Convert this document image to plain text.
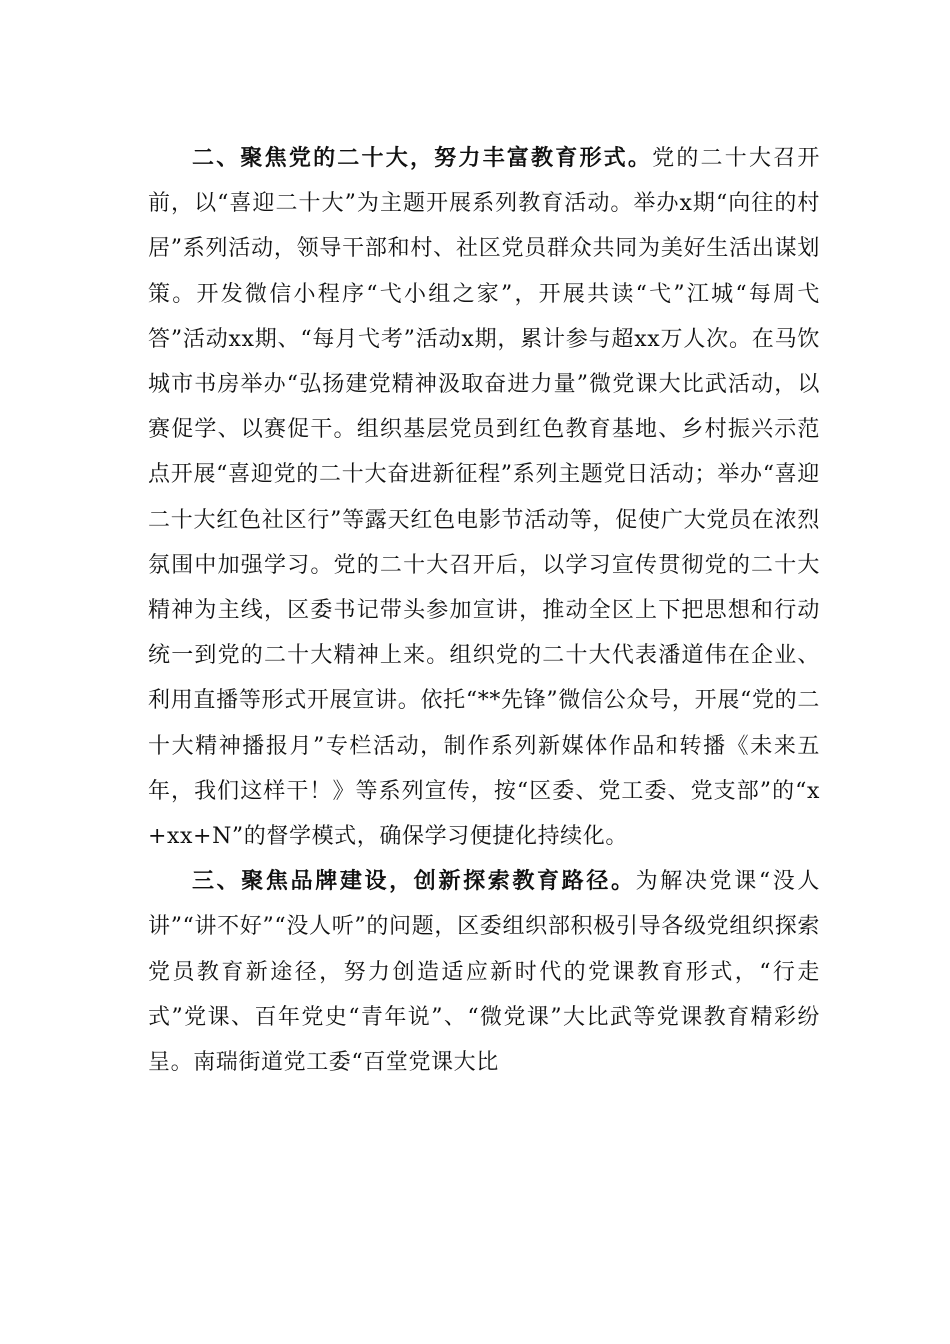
二、聚焦党的二十大，努力丰富教育形式。党的二十大召开前，以“喜迎二十大”为主题开展系列教育活动。举办x期“向往的村居”系列活动，领导干部和村、社区党员群众共同为美好生活出谋划策。开发微信小程序“弋小组之家”，开展共读“弋”江城“每周弋答”活动xx期、“每月弋考”活动x期，累计参与超xx万人次。在马饮城市书房举办“弘扬建党精神汲取奋进力量”微党课大比武活动，以赛促学、以赛促干。组织基层党员到红色教育基地、乡村振兴示范点开展“喜迎党的二十大奋进新征程”系列主题党日活动；举办“喜迎二十大红色社区行”等露天红色电影节活动等，促使广大党员在浓烈氛围中加强学习。党的二十大召开后，以学习宣传贯彻党的二十大精神为主线，区委书记带头参加宣讲，推动全区上下把思想和行动统一到党的二十大精神上来。组织党的二十大代表潘道伟在企业、利用直播等形式开展宣讲。依托“**先锋”微信公众号，开展“党的二十大精神播报月”专栏活动，制作系列新媒体作品和转播《未来五年，我们这样干！》等系列宣传，按“区委、党工委、党支部”的“x+xx+N”的督学模式，确保学习便捷化持续化。

三、聚焦品牌建设，创新探索教育路径。为解决党课“没人讲”“讲不好”“没人听”的问题，区委组织部积极引导各级党组织探索党员教育新途径，努力创造适应新时代的党课教育形式，“行走式”党课、百年党史“青年说”、“微党课”大比武等党课教育精彩纷呈。南瑞街道党工委“百堂党课大比
